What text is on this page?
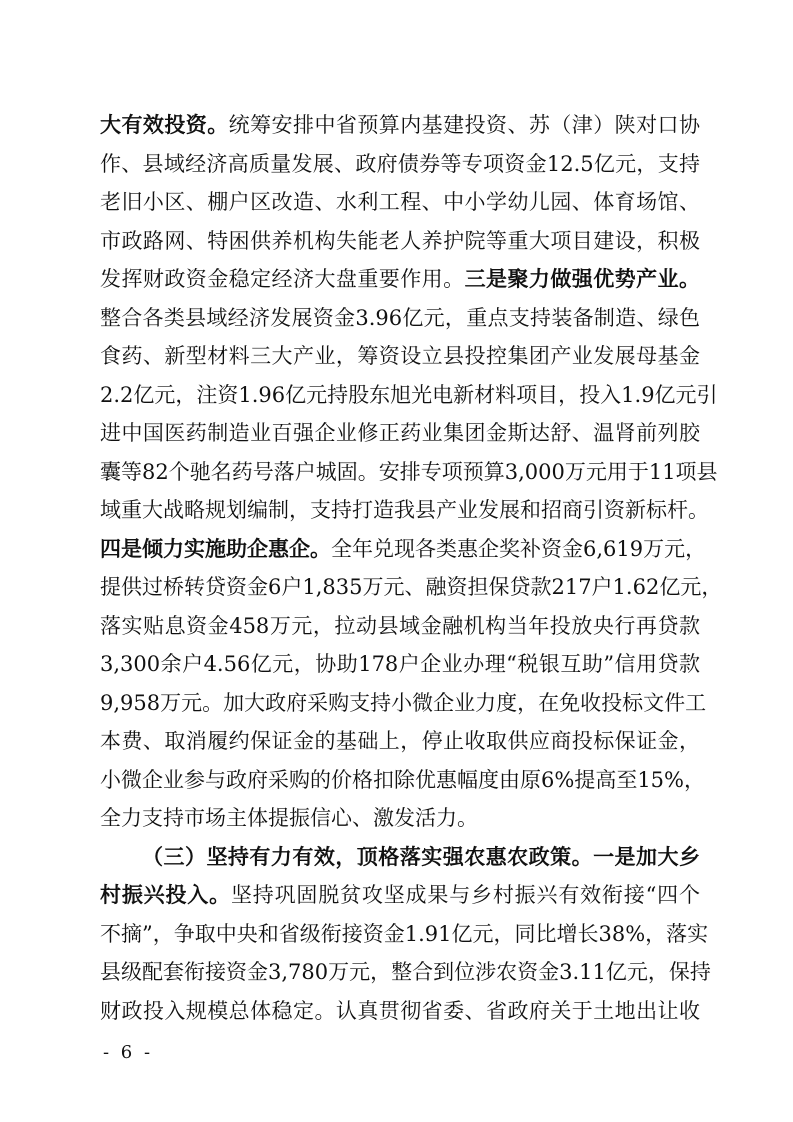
大有效投资。统筹安排中省预算内基建投资、苏（津）陕对口协
作、县域经济高质量发展、政府债券等专项资金12.5亿元，支持
老旧小区、棚户区改造、水利工程、中小学幼儿园、体育场馆、
市政路网、特困供养机构失能老人养护院等重大项目建设，积极
发挥财政资金稳定经济大盘重要作用。三是聚力做强优势产业。
整合各类县域经济发展资金3.96亿元，重点支持装备制造、绿色
食药、新型材料三大产业，筹资设立县投控集团产业发展母基金
2.2亿元，注资1.96亿元持股东旭光电新材料项目，投入1.9亿元引
进中国医药制造业百强企业修正药业集团金斯达舒、温肾前列胶
囊等82个驰名药号落户城固。安排专项预算3,000万元用于11项县
域重大战略规划编制，支持打造我县产业发展和招商引资新标杆。
四是倾力实施助企惠企。全年兑现各类惠企奖补资金6,619万元，
提供过桥转贷资金6户1,835万元、融资担保贷款217户1.62亿元，
落实贴息资金458万元，拉动县域金融机构当年投放央行再贷款
3,300余户4.56亿元，协助178户企业办理“税银互助”信用贷款
9,958万元。加大政府采购支持小微企业力度，在免收投标文件工
本费、取消履约保证金的基础上，停止收取供应商投标保证金，
小微企业参与政府采购的价格扣除优惠幅度由原6%提高至15%，
全力支持市场主体提振信心、激发活力。
（三）坚持有力有效，顶格落实强农惠农政策。一是加大乡
村振兴投入。坚持巩固脱贫攻坚成果与乡村振兴有效衔接“四个
不摘”，争取中央和省级衔接资金1.91亿元，同比增长38%，落实
县级配套衔接资金3,780万元，整合到位涉农资金3.11亿元，保持
财政投入规模总体稳定。认真贯彻省委、省政府关于土地出让收
- 6 -
